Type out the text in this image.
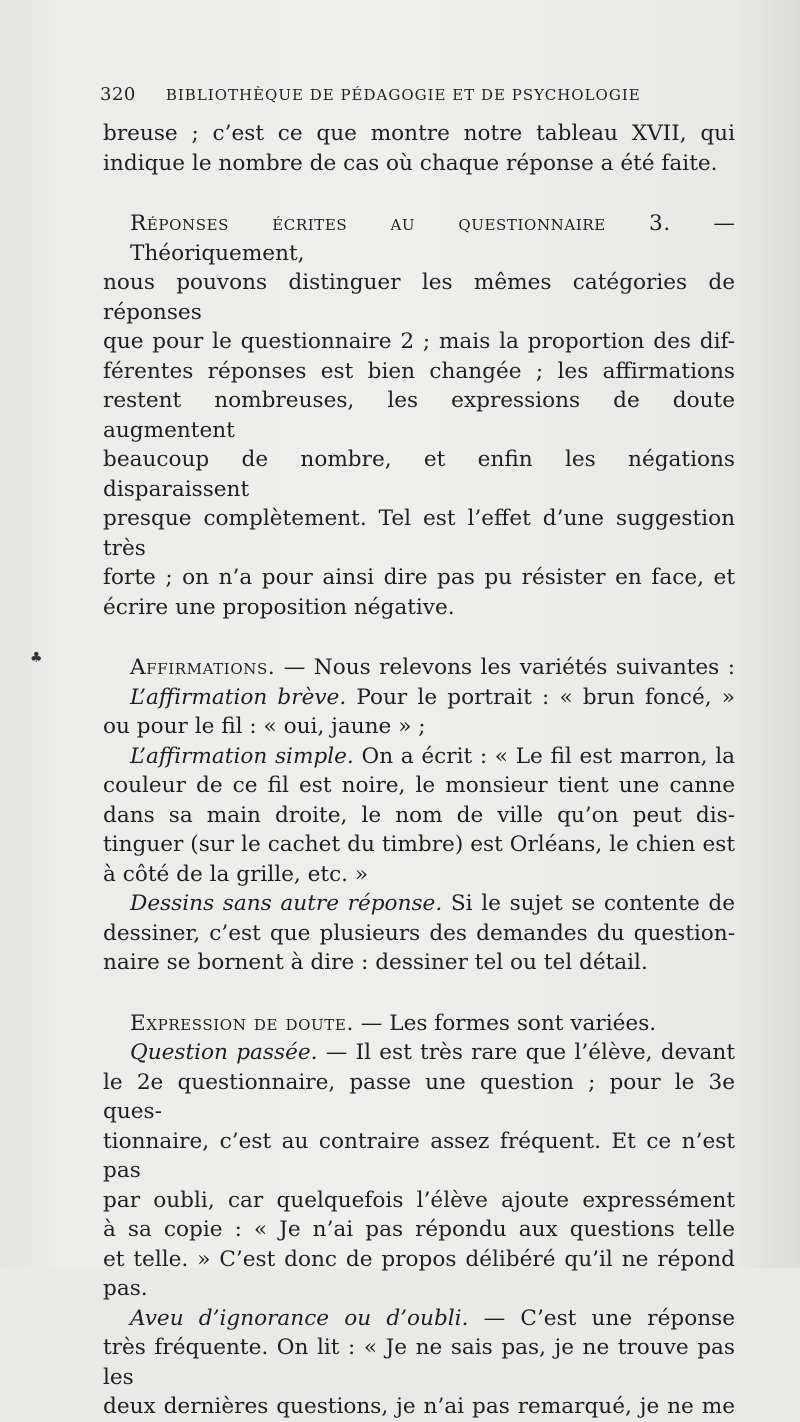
320 BIBLIOTHÈQUE DE PÉDAGOGIE ET DE PSYCHOLOGIE
♣
breuse ; c’est ce que montre notre tableau XVII, qui
indique le nombre de cas où chaque réponse a été faite.
Réponses écrites au questionnaire 3. — Théoriquement,
nous pouvons distinguer les mêmes catégories de réponses
que pour le questionnaire 2 ; mais la proportion des dif-
férentes réponses est bien changée ; les affirmations
restent nombreuses, les expressions de doute augmentent
beaucoup de nombre, et enfin les négations disparaissent
presque complètement. Tel est l’effet d’une suggestion très
forte ; on n’a pour ainsi dire pas pu résister en face, et
écrire une proposition négative.
Affirmations. — Nous relevons les variétés suivantes :
L’affirmation brève. Pour le portrait : « brun foncé, »
ou pour le fil : « oui, jaune » ;
L’affirmation simple. On a écrit : « Le fil est marron, la
couleur de ce fil est noire, le monsieur tient une canne
dans sa main droite, le nom de ville qu’on peut dis-
tinguer (sur le cachet du timbre) est Orléans, le chien est
à côté de la grille, etc. »
Dessins sans autre réponse. Si le sujet se contente de
dessiner, c’est que plusieurs des demandes du question-
naire se bornent à dire : dessiner tel ou tel détail.
Expression de doute. — Les formes sont variées.
Question passée. — Il est très rare que l’élève, devant
le 2e questionnaire, passe une question ; pour le 3e ques-
tionnaire, c’est au contraire assez fréquent. Et ce n’est pas
par oubli, car quelquefois l’élève ajoute expressément
à sa copie : « Je n’ai pas répondu aux questions telle
et telle. » C’est donc de propos délibéré qu’il ne répond
pas.
Aveu d’ignorance ou d’oubli. — C’est une réponse
très fréquente. On lit : « Je ne sais pas, je ne trouve pas les
deux dernières questions, je n’ai pas remarqué, je ne me
